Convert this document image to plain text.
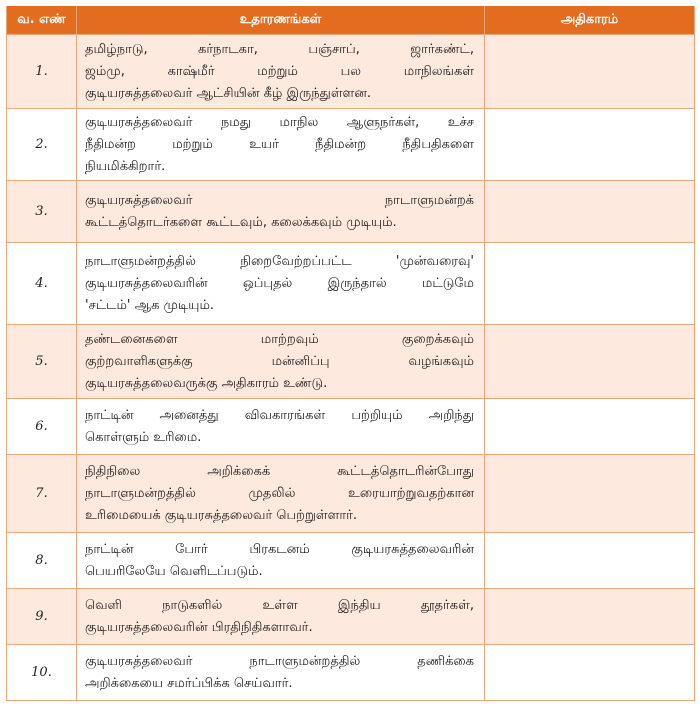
வ. எண்	உதாரணங்கள்	அதிகாரம்
1.	தமிழ்நாடு, கர்நாடகா, பஞ்சாப், ஜார்கண்ட்,
ஜம்மு, காஷ்மீர் மற்றும் பல மாநிலங்கள்
குடியரசுத்தலைவர் ஆட்சியின் கீழ் இருந்துள்ளன.	

2.	குடியரசுத்தலைவர் நமது மாநில ஆளுநர்கள், உச்ச
நீதிமன்ற மற்றும் உயர் நீதிமன்ற நீதிபதிகளை
நியமிக்கிறார்.	

3.	குடியரசுத்தலைவர் நாடாளுமன்றக்
கூட்டத்தொடர்களை கூட்டவும், கலைக்கவும் முடியும்.	

4.	நாடாளுமன்றத்தில் நிறைவேற்றப்பட்ட 'முன்வரைவு'
குடியரசுத்தலைவரின் ஒப்புதல் இருந்தால் மட்டுமே
'சட்டம்' ஆக முடியும்.	

5.	தண்டனைகளை மாற்றவும் குறைக்கவும்
குற்றவாளிகளுக்கு மன்னிப்பு வழங்கவும்
குடியரசுத்தலைவருக்கு அதிகாரம் உண்டு.	

6.	நாட்டின் அனைத்து விவகாரங்கள் பற்றியும் அறிந்து
கொள்ளும் உரிமை.	

7.	நிதிநிலை அறிக்கைக் கூட்டத்தொடரின்போது
நாடாளுமன்றத்தில் முதலில் உரையாற்றுவதற்கான
உரிமையைக் குடியரசுத்தலைவர் பெற்றுள்ளார்.	

8.	நாட்டின் போர் பிரகடனம் குடியரசுத்தலைவரின்
பெயரிலேயே வெளிடப்படும்.	

9.	வெளி நாடுகளில் உள்ள இந்திய தூதர்கள்,
குடியரசுத்தலைவரின் பிரதிநிதிகளாவர்.	

10.	குடியரசுத்தலைவர் நாடாளுமன்றத்தில் தணிக்கை
அறிக்கையை சமர்ப்பிக்க செய்வார்.	
